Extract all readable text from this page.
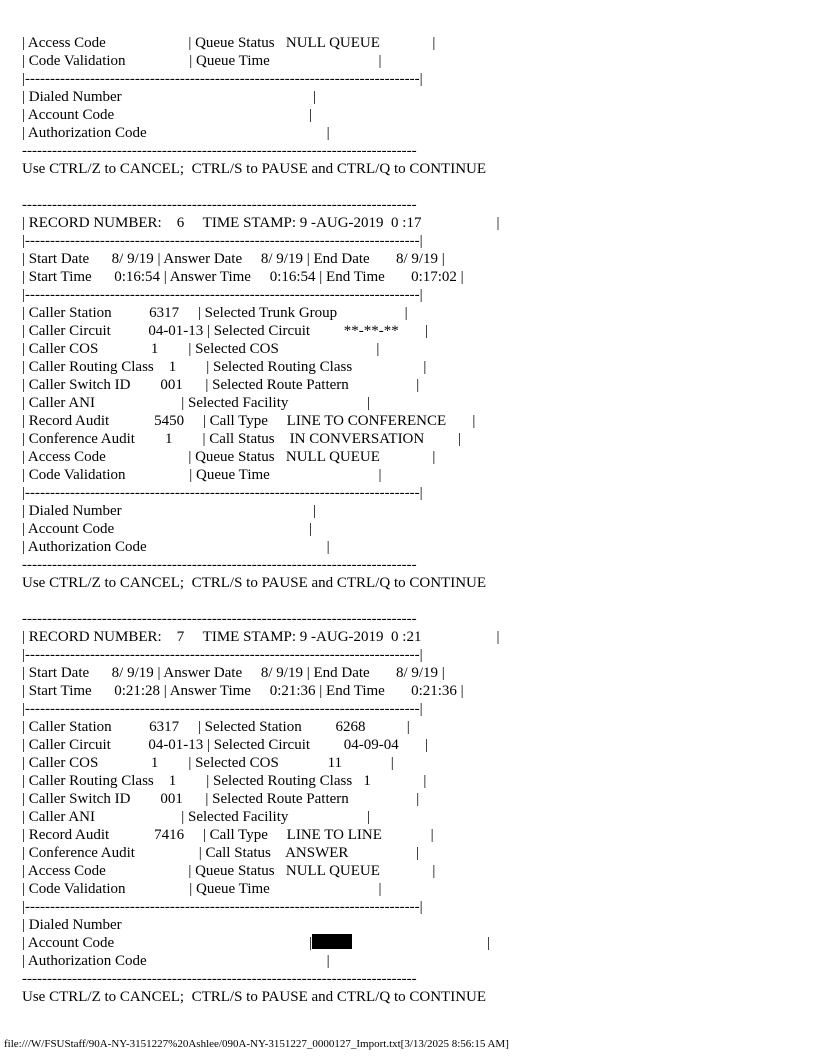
| Access Code                      | Queue Status   NULL QUEUE              |
| Code Validation                 | Queue Time                             |
|-------------------------------------------------------------------------------|
| Dialed Number                                                   |
| Account Code                                                    |
| Authorization Code                                                |
-------------------------------------------------------------------------------
Use CTRL/Z to CANCEL;  CTRL/S to PAUSE and CTRL/Q to CONTINUE
-------------------------------------------------------------------------------
| RECORD NUMBER:    6     TIME STAMP: 9 -AUG-2019  0 :17                    |
|-------------------------------------------------------------------------------|
| Start Date      8/ 9/19 | Answer Date     8/ 9/19 | End Date       8/ 9/19 |
| Start Time      0:16:54 | Answer Time     0:16:54 | End Time       0:17:02 |
|-------------------------------------------------------------------------------|
| Caller Station          6317     | Selected Trunk Group                  |
| Caller Circuit          04-01-13 | Selected Circuit         **-**-**       |
| Caller COS              1        | Selected COS                          |
| Caller Routing Class    1        | Selected Routing Class                   |
| Caller Switch ID        001      | Selected Route Pattern                  |
| Caller ANI                       | Selected Facility                     |
| Record Audit            5450     | Call Type     LINE TO CONFERENCE       |
| Conference Audit        1        | Call Status    IN CONVERSATION         |
| Access Code                      | Queue Status   NULL QUEUE              |
| Code Validation                 | Queue Time                             |
|-------------------------------------------------------------------------------|
| Dialed Number                                                   |
| Account Code                                                    |
| Authorization Code                                                |
-------------------------------------------------------------------------------
Use CTRL/Z to CANCEL;  CTRL/S to PAUSE and CTRL/Q to CONTINUE
-------------------------------------------------------------------------------
| RECORD NUMBER:    7     TIME STAMP: 9 -AUG-2019  0 :21                    |
|-------------------------------------------------------------------------------|
| Start Date      8/ 9/19 | Answer Date     8/ 9/19 | End Date       8/ 9/19 |
| Start Time      0:21:28 | Answer Time     0:21:36 | End Time       0:21:36 |
|-------------------------------------------------------------------------------|
| Caller Station          6317     | Selected Station         6268           |
| Caller Circuit          04-01-13 | Selected Circuit         04-09-04       |
| Caller COS              1        | Selected COS             11             |
| Caller Routing Class    1        | Selected Routing Class   1              |
| Caller Switch ID        001      | Selected Route Pattern                  |
| Caller ANI                       | Selected Facility                     |
| Record Audit            7416     | Call Type     LINE TO LINE             |
| Conference Audit                 | Call Status    ANSWER                  |
| Access Code                      | Queue Status   NULL QUEUE              |
| Code Validation                 | Queue Time                             |
|-------------------------------------------------------------------------------|
| Dialed Number
| Account Code                                                    |	|
| Authorization Code                                                |
-------------------------------------------------------------------------------
Use CTRL/Z to CANCEL;  CTRL/S to PAUSE and CTRL/Q to CONTINUE
file:///W/FSUStaff/90A-NY-3151227%20Ashlee/090A-NY-3151227_0000127_Import.txt[3/13/2025 8:56:15 AM]
